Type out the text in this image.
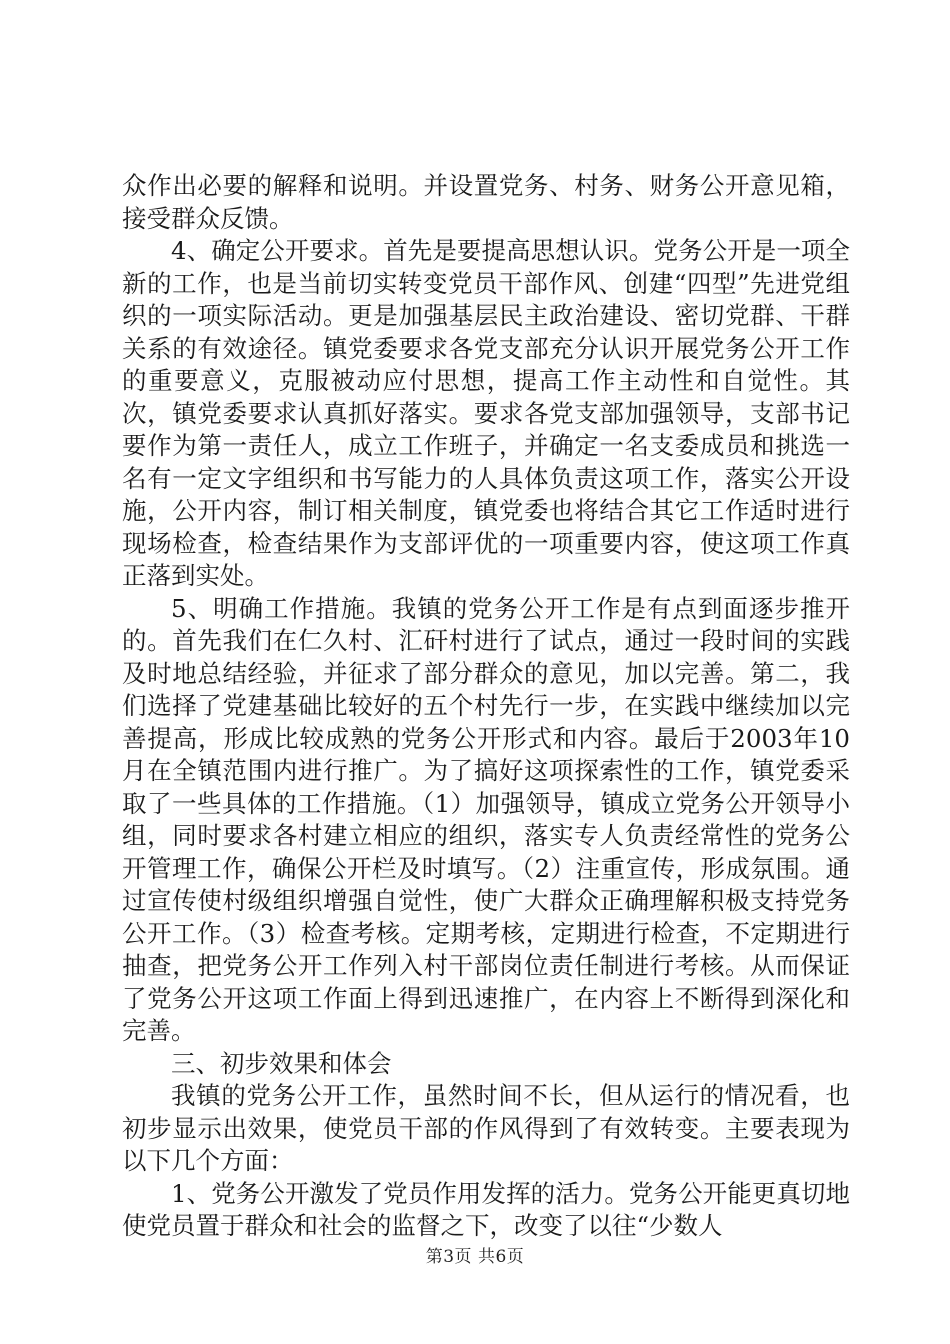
众作出必要的解释和说明。并设置党务、村务、财务公开意见箱，接受群众反馈。

4、确定公开要求。首先是要提高思想认识。党务公开是一项全新的工作，也是当前切实转变党员干部作风、创建“四型”先进党组织的一项实际活动。更是加强基层民主政治建设、密切党群、干群关系的有效途径。镇党委要求各党支部充分认识开展党务公开工作的重要意义，克服被动应付思想，提高工作主动性和自觉性。其次，镇党委要求认真抓好落实。要求各党支部加强领导，支部书记要作为第一责任人，成立工作班子，并确定一名支委成员和挑选一名有一定文字组织和书写能力的人具体负责这项工作，落实公开设施，公开内容，制订相关制度，镇党委也将结合其它工作适时进行现场检查，检查结果作为支部评优的一项重要内容，使这项工作真正落到实处。

5、明确工作措施。我镇的党务公开工作是有点到面逐步推开的。首先我们在仁久村、汇矸村进行了试点，通过一段时间的实践及时地总结经验，并征求了部分群众的意见，加以完善。第二，我们选择了党建基础比较好的五个村先行一步，在实践中继续加以完善提高，形成比较成熟的党务公开形式和内容。最后于2003年10月在全镇范围内进行推广。为了搞好这项探索性的工作，镇党委采取了一些具体的工作措施。（1）加强领导，镇成立党务公开领导小组，同时要求各村建立相应的组织，落实专人负责经常性的党务公开管理工作，确保公开栏及时填写。（2）注重宣传，形成氛围。通过宣传使村级组织增强自觉性，使广大群众正确理解积极支持党务公开工作。（3）检查考核。定期考核，定期进行检查，不定期进行抽查，把党务公开工作列入村干部岗位责任制进行考核。从而保证了党务公开这项工作面上得到迅速推广，在内容上不断得到深化和完善。

三、初步效果和体会

我镇的党务公开工作，虽然时间不长，但从运行的情况看，也初步显示出效果，使党员干部的作风得到了有效转变。主要表现为以下几个方面：

1、党务公开激发了党员作用发挥的活力。党务公开能更真切地使党员置于群众和社会的监督之下，改变了以往“少数人

第3页 共6页
